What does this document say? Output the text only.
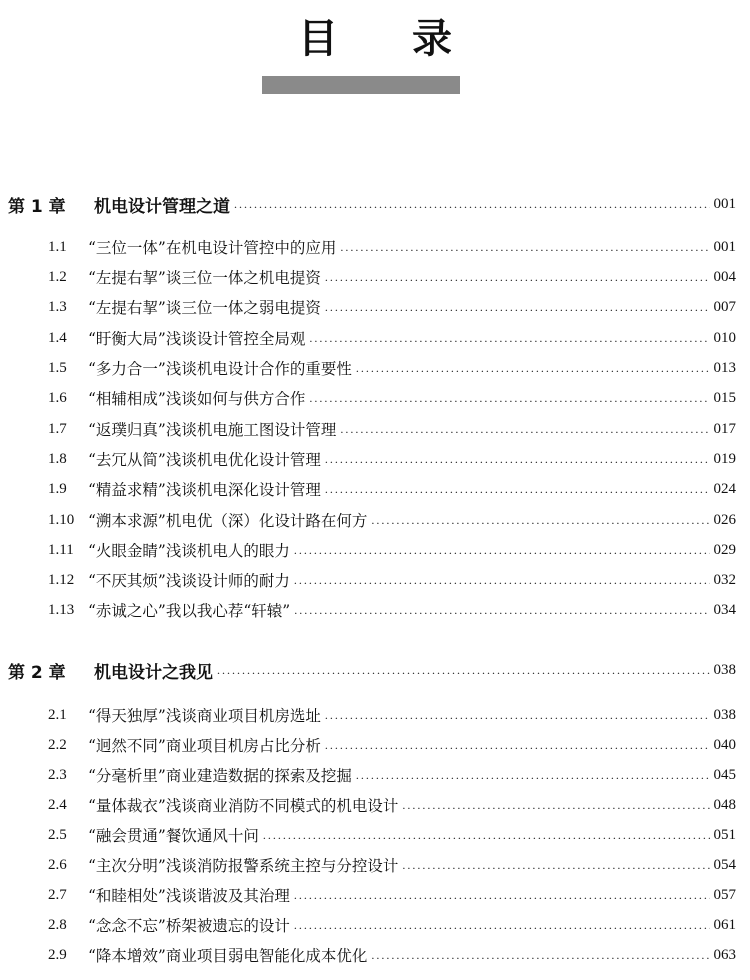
目 录
第 1 章	机电设计管理之道 .....	001
1.1	“三位一体”在机电设计管控中的应用 .....	001
1.2	“左提右挈”谈三位一体之机电提资 .....	004
1.3	“左提右挈”谈三位一体之弱电提资 .....	007
1.4	“盱衡大局”浅谈设计管控全局观 .....	010
1.5	“多力合一”浅谈机电设计合作的重要性 .....	013
1.6	“相辅相成”浅谈如何与供方合作 .....	015
1.7	“返璞归真”浅谈机电施工图设计管理 .....	017
1.8	“去冗从简”浅谈机电优化设计管理 .....	019
1.9	“精益求精”浅谈机电深化设计管理 .....	024
1.10 “溯本求源”机电优（深）化设计路在何方 .....	026
1.11 “火眼金睛”浅谈机电人的眼力 .....	029
1.12 “不厌其烦”浅谈设计师的耐力 .....	032
1.13 “赤诚之心”我以我心荐“轩辕” .....	034
第 2 章	机电设计之我见 .....	038
2.1	“得天独厚”浅谈商业项目机房选址 .....	038
2.2	“迥然不同”商业项目机房占比分析 .....	040
2.3	“分毫析里”商业建造数据的探索及挖掘 .....	045
2.4	“量体裁衣”浅谈商业消防不同模式的机电设计 .....	048
2.5	“融会贯通”餐饮通风十问 .....	051
2.6	“主次分明”浅谈消防报警系统主控与分控设计 .....	054
2.7	“和睦相处”浅谈谐波及其治理 .....	057
2.8	“念念不忘”桥架被遗忘的设计 .....	061
2.9	“降本增效”商业项目弱电智能化成本优化 .....	063
